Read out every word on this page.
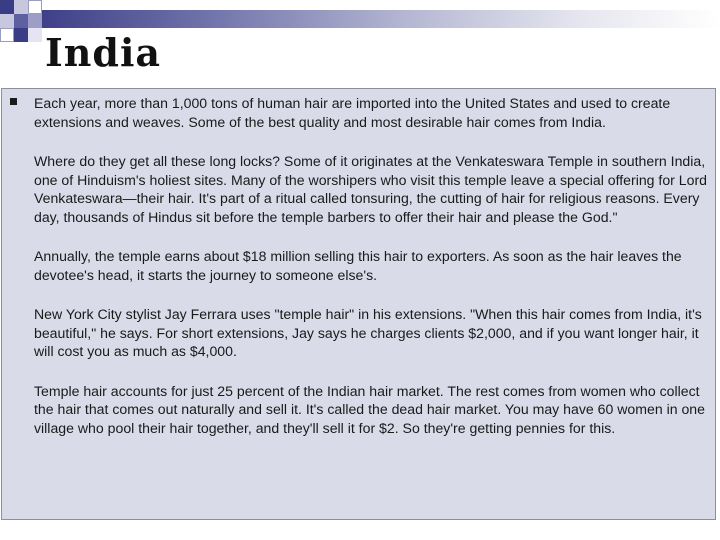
India

Each year, more than 1,000 tons of human hair are imported into the United States and used to create extensions and weaves. Some of the best quality and most desirable hair comes from India.

Where do they get all these long locks? Some of it originates at the Venkateswara Temple in southern India, one of Hinduism's holiest sites. Many of the worshipers who visit this temple leave a special offering for Lord Venkateswara—their hair. It's part of a ritual called tonsuring, the cutting of hair for religious reasons. Every day, thousands of Hindus sit before the temple barbers to offer their hair and please the God."

Annually, the temple earns about $18 million selling this hair to exporters. As soon as the hair leaves the devotee's head, it starts the journey to someone else's.

New York City stylist Jay Ferrara uses "temple hair" in his extensions. "When this hair comes from India, it's beautiful," he says. For short extensions, Jay says he charges clients $2,000, and if you want longer hair, it will cost you as much as $4,000.

Temple hair accounts for just 25 percent of the Indian hair market. The rest comes from women who collect the hair that comes out naturally and sell it. It's called the dead hair market. You may have 60 women in one village who pool their hair together, and they'll sell it for $2. So they're getting pennies for this.
